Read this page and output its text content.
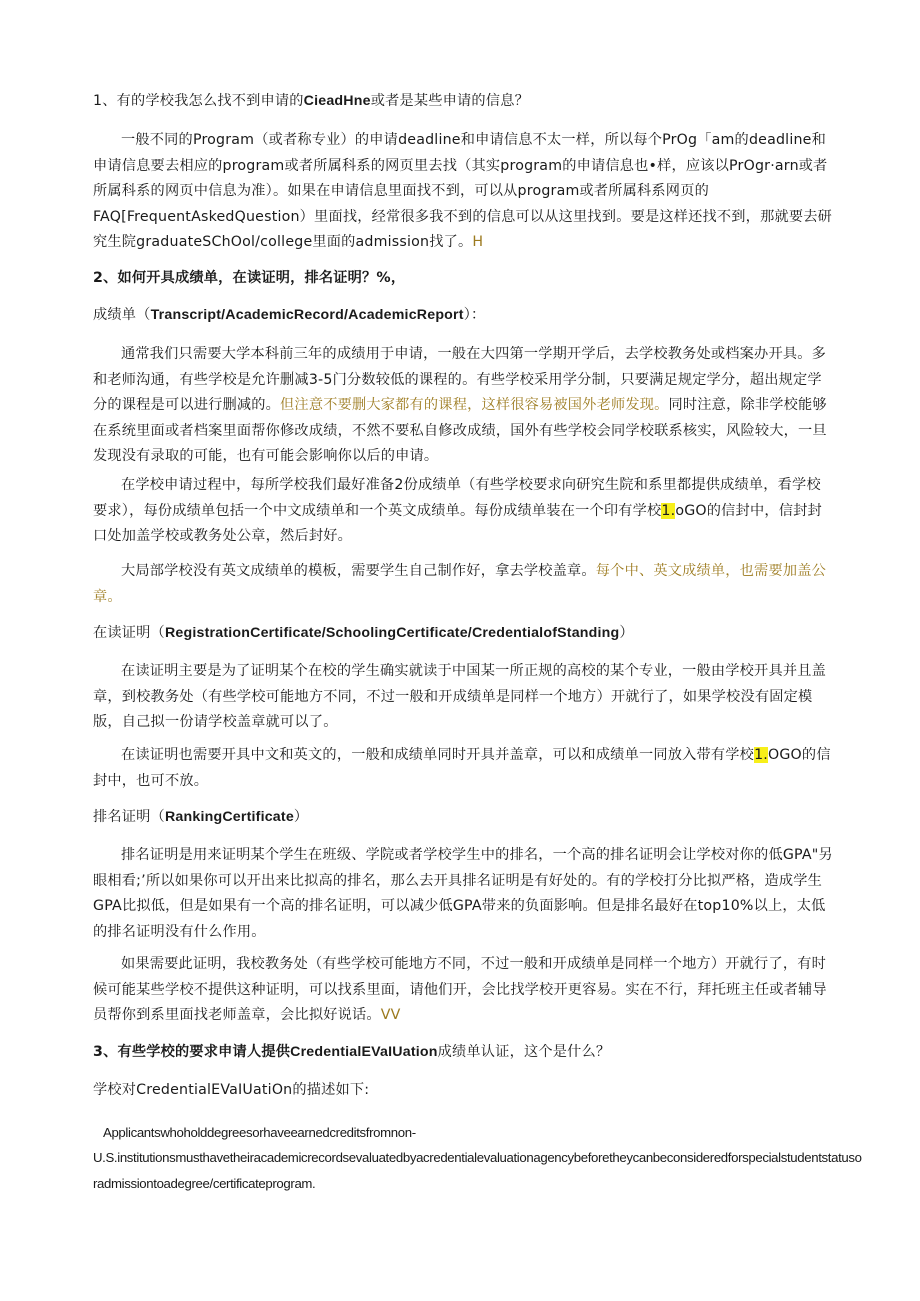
1、有的学校我怎么找不到申请的CieadHne或者是某些申请的信息？

一般不同的Program（或者称专业）的申请deadline和申请信息不太一样，所以每个PrOg「am的deadline和申请信息要去相应的program或者所属科系的网页里去找（其实program的申请信息也•样，应该以PrOgr·arn或者所属科系的网页中信息为准）。如果在申请信息里面找不到，可以从program或者所属科系网页的FAQ[FrequentAskedQuestion）里面找，经常很多我不到的信息可以从这里找到。要是这样还找不到，那就要去研究生院graduateSChOol/college里面的admission找了。H

2、如何开具成绩单，在读证明，排名证明？%，

成绩单（Transcript/AcademicRecord/AcademicReport）：

通常我们只需要大学本科前三年的成绩用于申请，一般在大四第一学期开学后，去学校教务处或档案办开具。多和老师沟通，有些学校是允许删减3-5门分数较低的课程的。有些学校采用学分制，只要满足规定学分，超出规定学分的课程是可以进行删减的。但注意不要删大家都有的课程，这样很容易被国外老师发现。同时注意，除非学校能够在系统里面或者档案里面帮你修改成绩，不然不要私自修改成绩，国外有些学校会同学校联系核实，风险较大，一旦发现没有录取的可能，也有可能会影响你以后的申请。

在学校申请过程中，每所学校我们最好准备2份成绩单（有些学校要求向研究生院和系里都提供成绩单，看学校要求），每份成绩单包括一个中文成绩单和一个英文成绩单。每份成绩单装在一个印有学校1.oGO的信封中，信封封口处加盖学校或教务处公章，然后封好。

大局部学校没有英文成绩单的模板，需要学生自己制作好，拿去学校盖章。每个中、英文成绩单，也需要加盖公章。

在读证明（RegistrationCertificate/SchoolingCertificate/CredentialofStanding）

在读证明主要是为了证明某个在校的学生确实就读于中国某一所正规的高校的某个专业，一般由学校开具并且盖章，到校教务处（有些学校可能地方不同，不过一般和开成绩单是同样一个地方）开就行了，如果学校没有固定模版，自己拟一份请学校盖章就可以了。

在读证明也需要开具中文和英文的，一般和成绩单同时开具并盖章，可以和成绩单一同放入带有学校1.OGO的信封中，也可不放。

排名证明（RankingCertificate）

排名证明是用来证明某个学生在班级、学院或者学校学生中的排名，一个高的排名证明会让学校对你的低GPA"另眼相看;’所以如果你可以开出来比拟高的排名，那么去开具排名证明是有好处的。有的学校打分比拟严格，造成学生GPA比拟低，但是如果有一个高的排名证明，可以减少低GPA带来的负面影响。但是排名最好在top10%以上，太低的排名证明没有什么作用。

如果需要此证明，我校教务处（有些学校可能地方不同，不过一般和开成绩单是同样一个地方）开就行了，有时候可能某些学校不提供这种证明，可以找系里面，请他们开，会比找学校开更容易。实在不行，拜托班主任或者辅导员帮你到系里面找老师盖章，会比拟好说话。VV

3、有些学校的要求申请人提供CredentialEVaIUation成绩单认证，这个是什么？

学校对CredentialEVaIUatiOn的描述如下:

Applicantswhoholddegreesorhaveearnedcreditsfromnon-

U.S.institutionsmusthavetheiracademicrecordsevaluatedbyacredentialevaluationagencybeforetheycanbeconsideredforspecialstudentstatusoradmissiontoadegree/certificateprogram.
